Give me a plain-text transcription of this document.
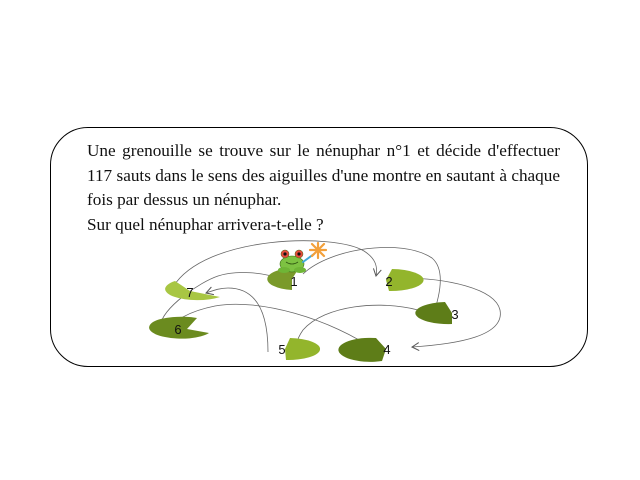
Une grenouille se trouve sur le nénuphar n°1 et décide d'effectuer 117 sauts dans le sens des aiguilles d'une montre en sautant à chaque fois par dessus un nénuphar.

Sur quel nénuphar arrivera-t-elle ?

1	2
3
4
5
6
7
